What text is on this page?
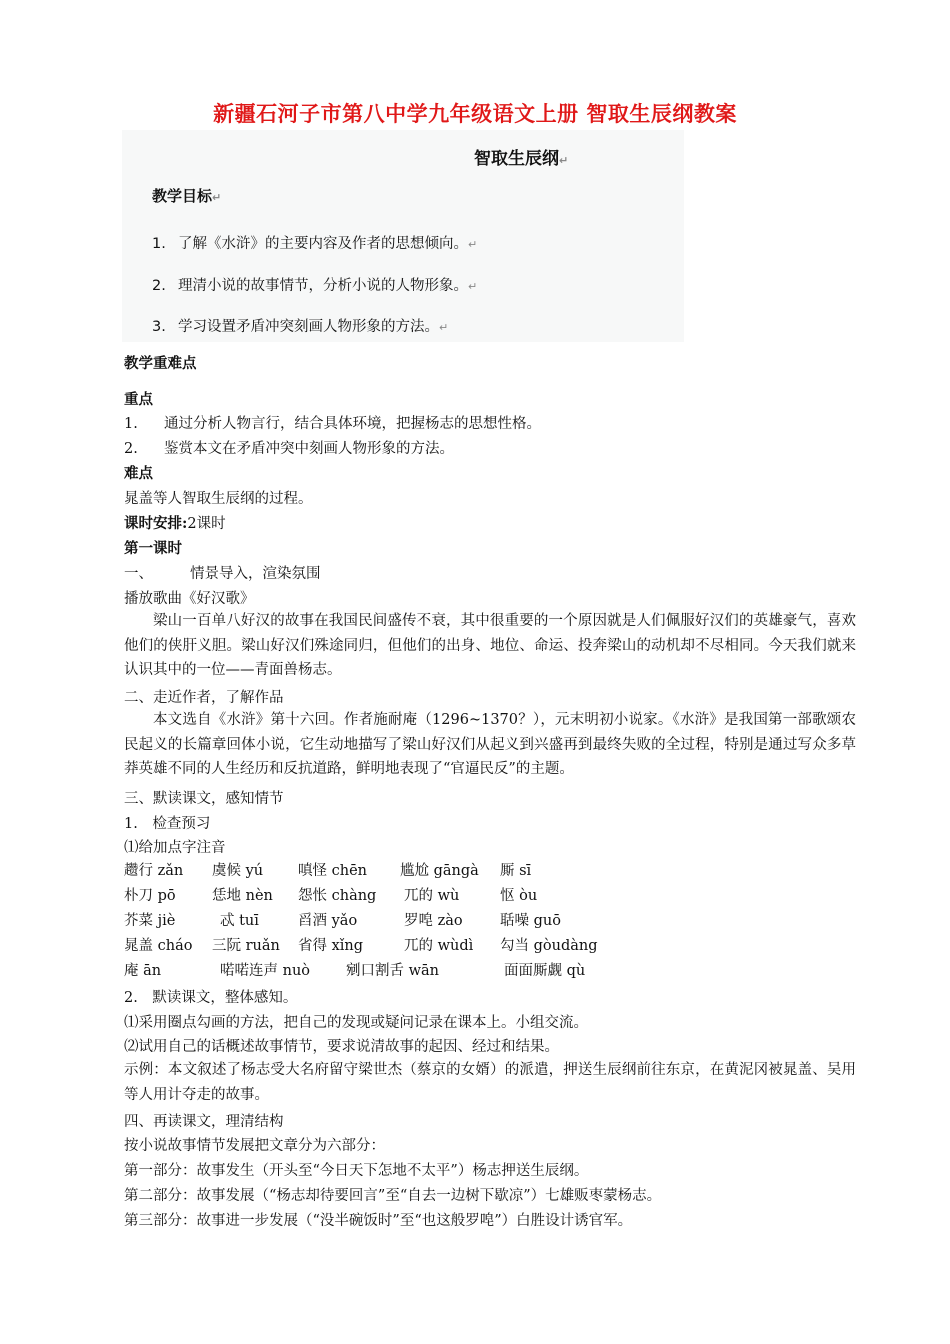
新疆石河子市第八中学九年级语文上册 智取生辰纲教案
智取生辰纲↵
教学目标↵
1. 了解《水浒》的主要内容及作者的思想倾向。↵
2. 理清小说的故事情节，分析小说的人物形象。↵
3. 学习设置矛盾冲突刻画人物形象的方法。↵
教学重难点
重点
1. 通过分析人物言行，结合具体环境，把握杨志的思想性格。
2. 鉴赏本文在矛盾冲突中刻画人物形象的方法。
难点
晁盖等人智取生辰纲的过程。
课时安排:2课时
第一课时
一、	情景导入，渲染氛围
播放歌曲《好汉歌》
梁山一百单八好汉的故事在我国民间盛传不衰，其中很重要的一个原因就是人们佩服好汉们的英雄豪气，喜欢他们的侠肝义胆。梁山好汉们殊途同归，但他们的出身、地位、命运、投奔梁山的动机却不尽相同。今天我们就来认识其中的一位——青面兽杨志。
二、走近作者，了解作品
本文选自《水浒》第十六回。作者施耐庵（1296~1370？），元末明初小说家。《水浒》是我国第一部歌颂农民起义的长篇章回体小说，它生动地描写了梁山好汉们从起义到兴盛再到最终失败的全过程，特别是通过写众多草莽英雄不同的人生经历和反抗道路，鲜明地表现了“官逼民反”的主题。
三、默读课文，感知情节
1.　检查预习
⑴给加点字注音
趱行 zǎn 虞候 yú 嗔怪 chēn 尴尬 gāngà 厮 sī
朴刀 pō	恁地 nèn 怨怅 chàng 兀的 wù	怄 òu
芥菜 jiè	忒 tuī	舀酒 yǎo	罗唣 zào	聒噪 guō
晁盖 cháo 三阮 ruǎn 省得 xǐng	兀的 wùdì 勾当 gòudàng
庵 ān	喏喏连声 nuò 剜口割舌 wān	面面厮觑 qù
2.　默读课文，整体感知。
⑴采用圈点勾画的方法，把自己的发现或疑问记录在课本上。小组交流。
⑵试用自己的话概述故事情节，要求说清故事的起因、经过和结果。
示例：本文叙述了杨志受大名府留守梁世杰（蔡京的女婿）的派遣，押送生辰纲前往东京，在黄泥冈被晁盖、吴用等人用计夺走的故事。
四、再读课文，理清结构
按小说故事情节发展把文章分为六部分：
第一部分：故事发生（开头至“今日天下怎地不太平”）杨志押送生辰纲。
第二部分：故事发展（“杨志却待要回言”至“自去一边树下歇凉”）七雄贩枣蒙杨志。
第三部分：故事进一步发展（“没半碗饭时”至“也这般罗唣”）白胜设计诱官军。
